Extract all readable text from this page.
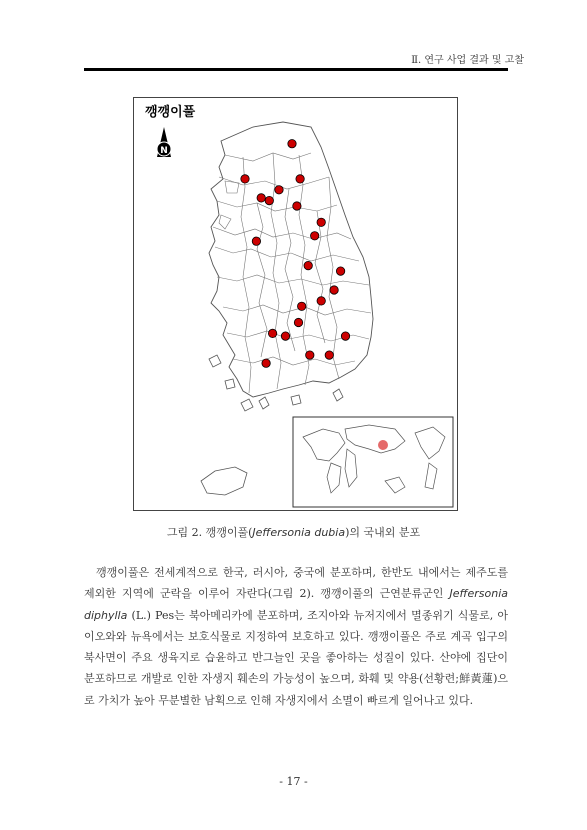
Ⅱ. 연구 사업 결과 및 고찰
N
깽깽이풀
그림 2. 깽깽이풀(Jeffersonia dubia)의 국내외 분포

깽깽이풀은 전세계적으로 한국, 러시아, 중국에 분포하며, 한반도 내에서는 제주도를 제외한 지역에 군락을 이루어 자란다(그림 2). 깽깽이풀의 근연분류군인 Jeffersonia diphylla (L.) Pes는 북아메리카에 분포하며, 조지아와 뉴저지에서 멸종위기 식물로, 아이오와와 뉴욕에서는 보호식물로 지정하여 보호하고 있다. 깽깽이풀은 주로 계곡 입구의 북사면이 주요 생육지로 습윤하고 반그늘인 곳을 좋아하는 성질이 있다. 산야에 집단이 분포하므로 개발로 인한 자생지 훼손의 가능성이 높으며, 화훼 및 약용(선황련;鮮黃蓮)으로 가치가 높아 무분별한 남획으로 인해 자생지에서 소멸이 빠르게 일어나고 있다.

- 17 -
